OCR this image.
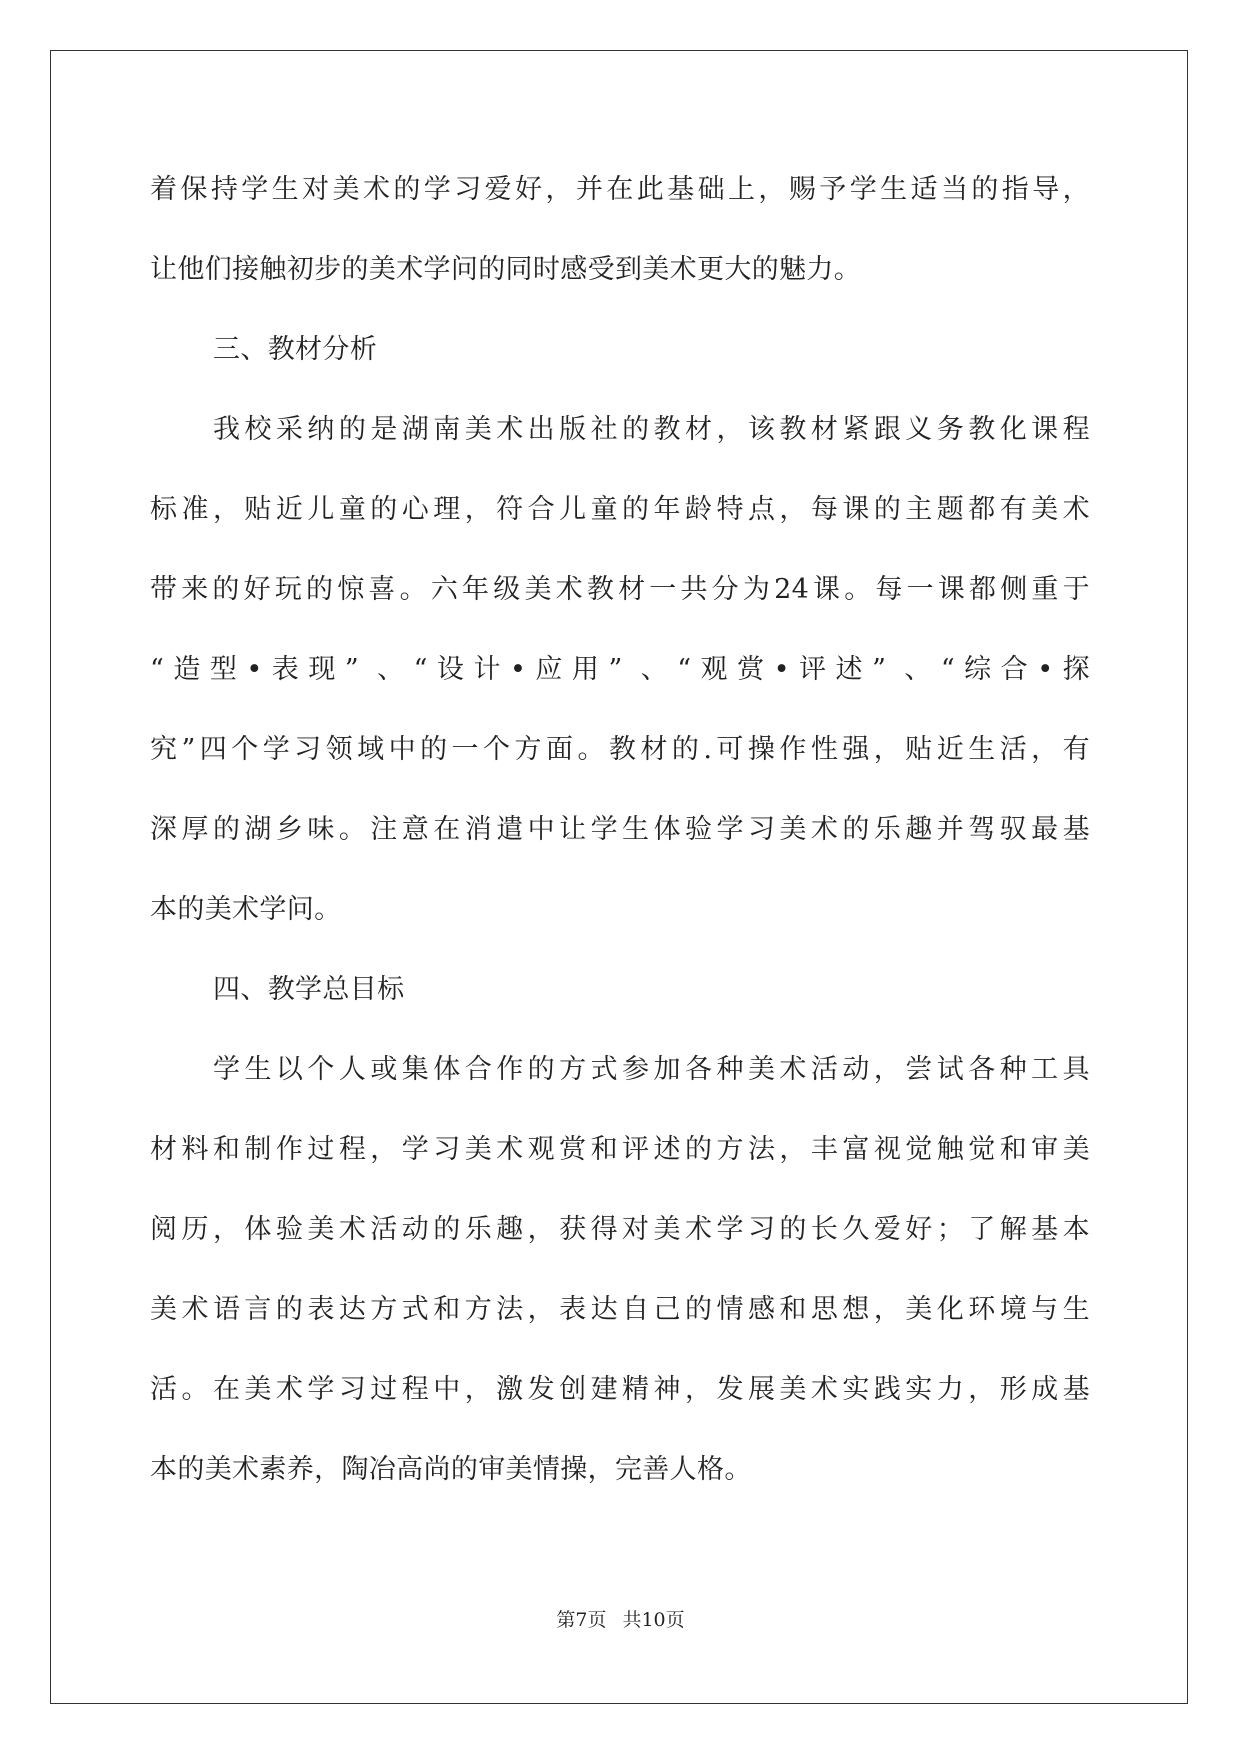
着保持学生对美术的学习爱好，并在此基础上，赐予学生适当的指导，
让他们接触初步的美术学问的同时感受到美术更大的魅力。
三、教材分析
我校采纳的是湖南美术出版社的教材，该教材紧跟义务教化课程
标准，贴近儿童的心理，符合儿童的年龄特点，每课的主题都有美术
带来的好玩的惊喜。六年级美术教材一共分为24课。每一课都侧重于
“造型•表现” 、“设计•应用” 、“观赏•评述” 、“综合•探
究”四个学习领域中的一个方面。教材的.可操作性强，贴近生活，有
深厚的湖乡味。注意在消遣中让学生体验学习美术的乐趣并驾驭最基
本的美术学问。
四、教学总目标
学生以个人或集体合作的方式参加各种美术活动，尝试各种工具
材料和制作过程，学习美术观赏和评述的方法，丰富视觉触觉和审美
阅历，体验美术活动的乐趣，获得对美术学习的长久爱好；了解基本
美术语言的表达方式和方法，表达自己的情感和思想，美化环境与生
活。在美术学习过程中，激发创建精神，发展美术实践实力，形成基
本的美术素养，陶冶高尚的审美情操，完善人格。
第7页 共10页
